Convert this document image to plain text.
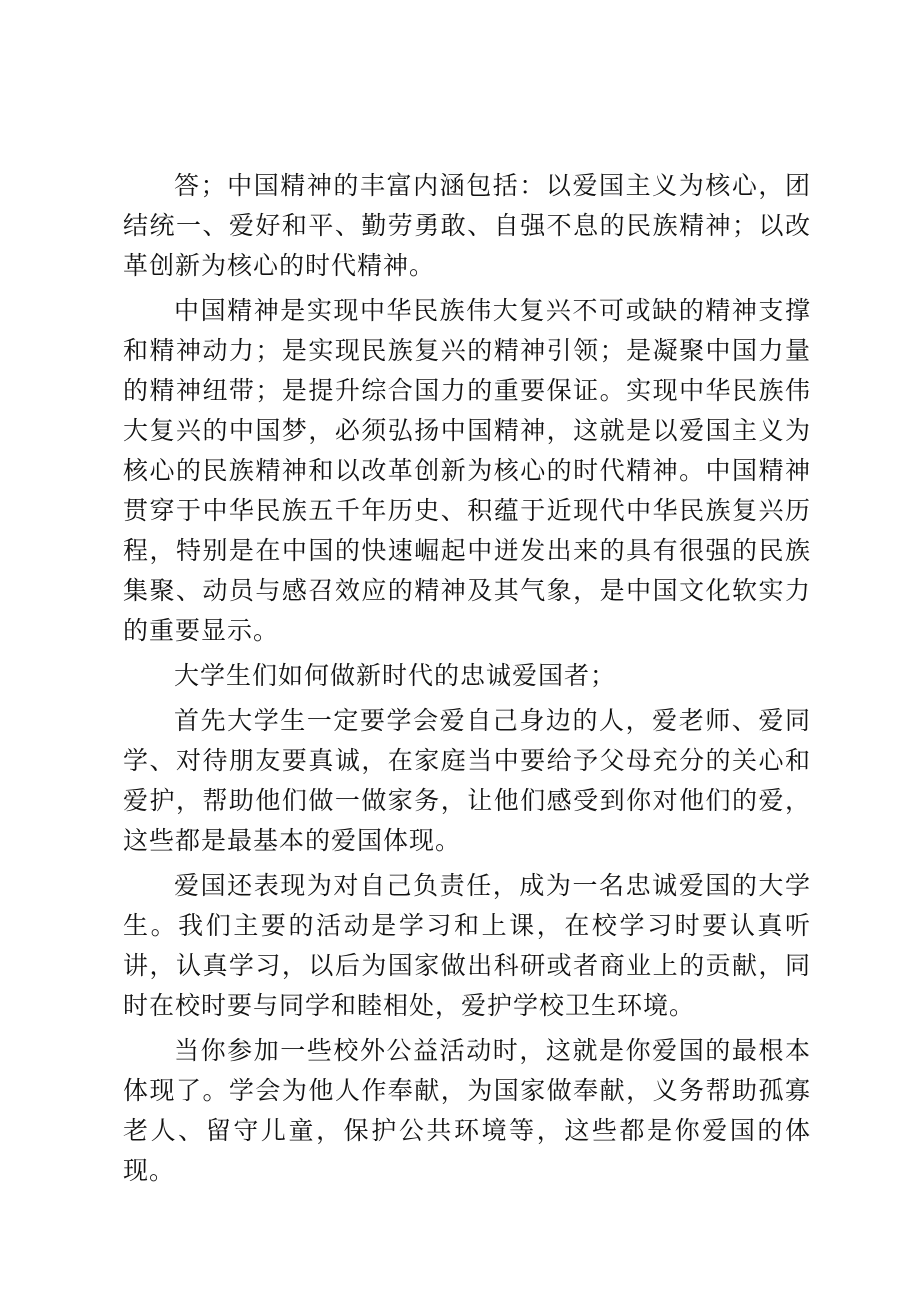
答；中国精神的丰富内涵包括：以爱国主义为核心，团结统一、爱好和平、勤劳勇敢、自强不息的民族精神；以改革创新为核心的时代精神。

中国精神是实现中华民族伟大复兴不可或缺的精神支撑和精神动力；是实现民族复兴的精神引领；是凝聚中国力量的精神纽带；是提升综合国力的重要保证。实现中华民族伟大复兴的中国梦，必须弘扬中国精神，这就是以爱国主义为核心的民族精神和以改革创新为核心的时代精神。中国精神贯穿于中华民族五千年历史、积蕴于近现代中华民族复兴历程，特别是在中国的快速崛起中迸发出来的具有很强的民族集聚、动员与感召效应的精神及其气象，是中国文化软实力的重要显示。

大学生们如何做新时代的忠诚爱国者；

首先大学生一定要学会爱自己身边的人，爱老师、爱同学、对待朋友要真诚，在家庭当中要给予父母充分的关心和爱护，帮助他们做一做家务，让他们感受到你对他们的爱，这些都是最基本的爱国体现。

爱国还表现为对自己负责任，成为一名忠诚爱国的大学生。我们主要的活动是学习和上课，在校学习时要认真听讲，认真学习，以后为国家做出科研或者商业上的贡献，同时在校时要与同学和睦相处，爱护学校卫生环境。

当你参加一些校外公益活动时，这就是你爱国的最根本体现了。学会为他人作奉献，为国家做奉献，义务帮助孤寡老人、留守儿童，保护公共环境等，这些都是你爱国的体现。
